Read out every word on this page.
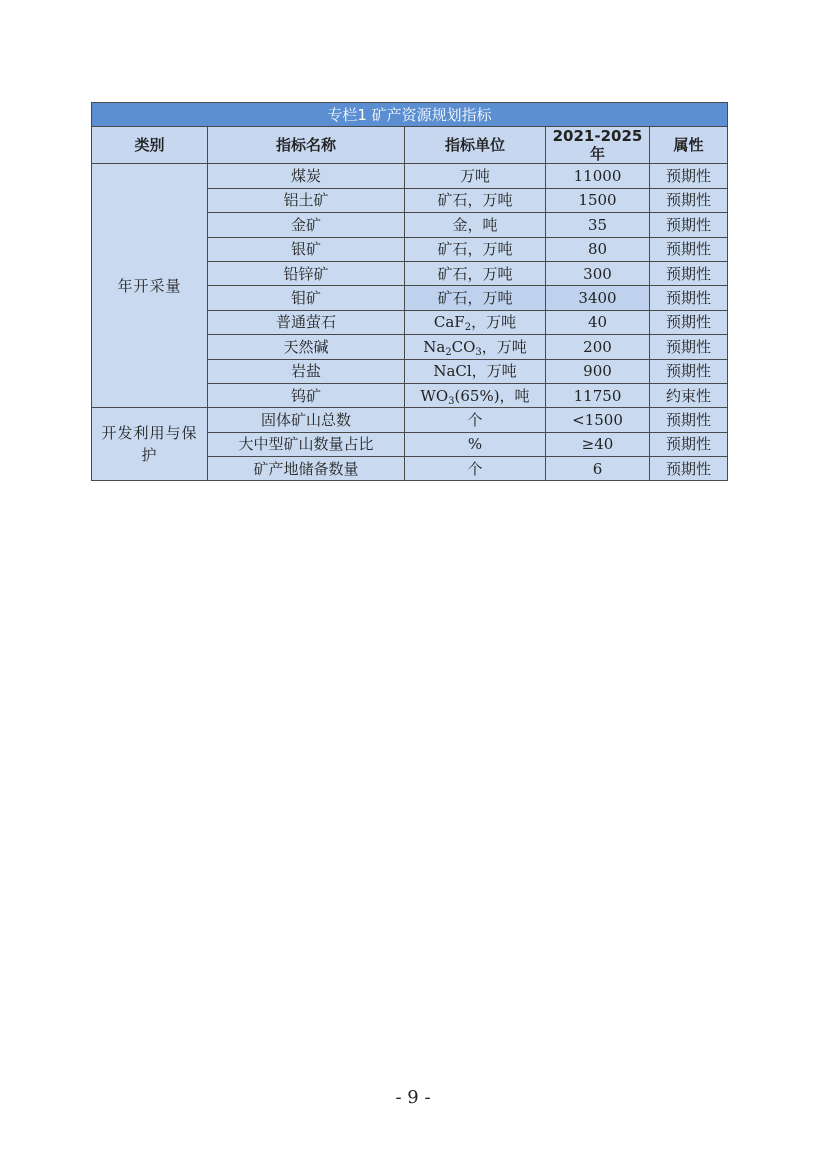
专栏1 矿产资源规划指标				
类别	指标名称	指标单位	2021-2025年	属性
年开采量	煤炭	万吨	11000	预期性
	铝土矿	矿石，万吨	1500	预期性
	金矿	金，吨	35	预期性
	银矿	矿石，万吨	80	预期性
	铅锌矿	矿石，万吨	300	预期性
	钼矿	矿石，万吨	3400	预期性
	普通萤石	CaF$_2$，万吨	40	预期性
	天然碱	$Na_2CO_3$，万吨	200	预期性
	岩盐	NaCl，万吨	900	预期性
	钨矿	$WO_3(65\%)$，吨	11750	约束性
开发利用与保护	固体矿山总数	个	<1500	预期性
	大中型矿山数量占比	%	≥40	预期性
	矿产地储备数量	个	6	预期性
- 9 -
